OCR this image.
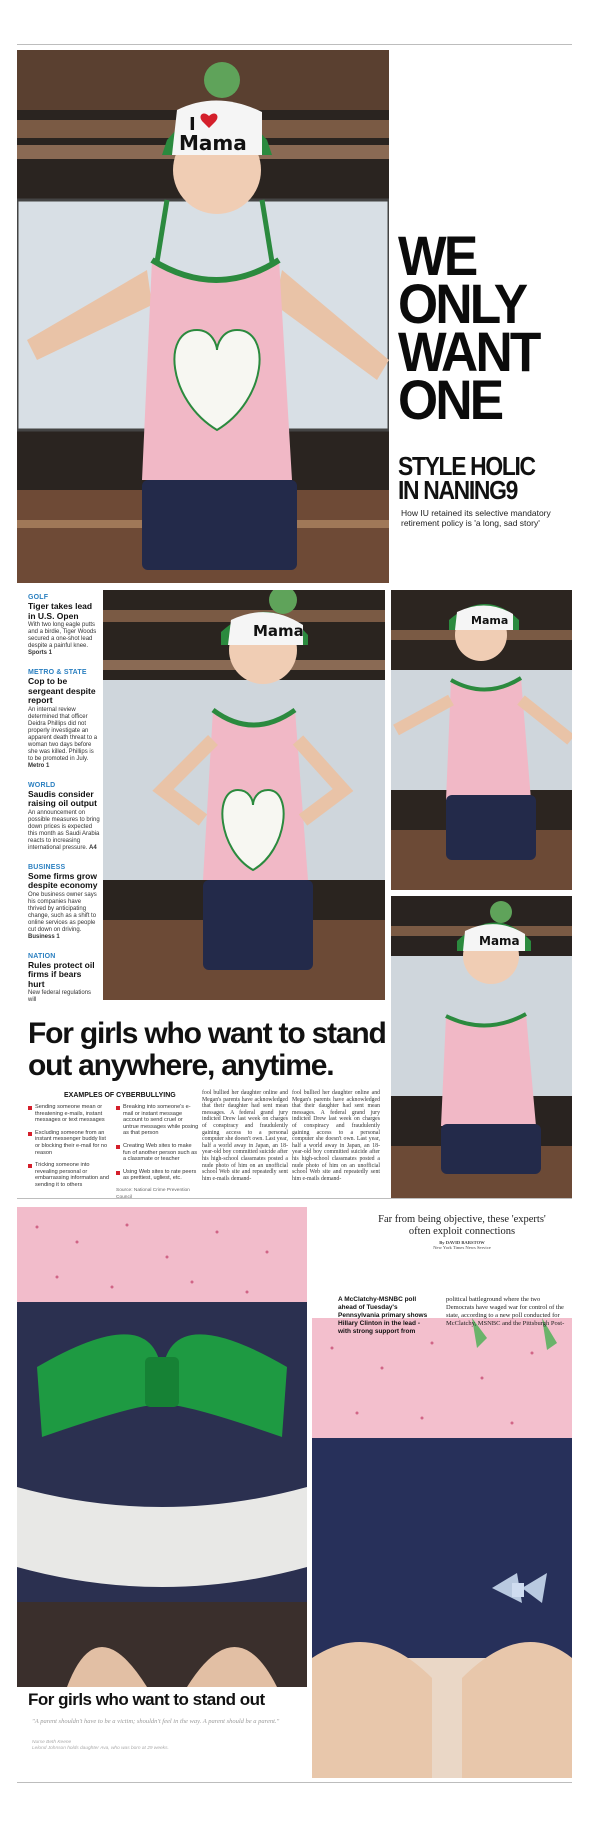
I
Mama
WE
ONLY
WANT
ONE
STYLE HOLIC
IN NANING9
How IU retained its selective mandatory retirement policy is 'a long, sad story'
GOLF
Tiger takes lead in U.S. Open
With two long eagle putts and a birdie, Tiger Woods secured a one-shot lead despite a painful knee. Sports 1
METRO & STATE
Cop to be sergeant despite report
An internal review determined that officer Deidra Phillips did not properly investigate an apparent death threat to a woman two days before she was killed. Phillips is to be promoted in July. Metro 1
WORLD
Saudis consider raising oil output
An announcement on possible measures to bring down prices is expected this month as Saudi Arabia reacts to increasing international pressure. A4
BUSINESS
Some firms grow despite economy
One business owner says his companies have thrived by anticipating change, such as a shift to online services as people cut down on driving. Business 1
NATION
Rules protect oil firms if bears hurt
New federal regulations will
Mama
Mama
Mama
For girls who want to stand out anywhere, anytime.
EXAMPLES OF CYBERBULLYING
Sending someone mean or threatening e-mails, instant messages or text messages
Excluding someone from an instant messenger buddy list or blocking their e-mail for no reason
Tricking someone into revealing personal or embarrassing information and sending it to others
Breaking into someone's e-mail or instant message account to send cruel or untrue messages while posing as that person
Creating Web sites to make fun of another person such as a classmate or teacher
Using Web sites to rate peers as prettiest, ugliest, etc.
Source: National Crime Prevention Council
fool bullied her daughter online and Megan's parents have acknowledged that their daughter had sent mean messages. A federal grand jury indicted Drew last week on charges of conspiracy and fraudulently gaining access to a personal computer she doesn't own. Last year, half a world away in Japan, an 18-year-old boy committed suicide after his high-school classmates posted a nude photo of him on an unofficial school Web site and repeatedly sent him e-mails demand-
fool bullied her daughter online and Megan's parents have acknowledged that their daughter had sent mean messages. A federal grand jury indicted Drew last week on charges of conspiracy and fraudulently gaining access to a personal computer she doesn't own. Last year, half a world away in Japan, an 18-year-old boy committed suicide after his high-school classmates posted a nude photo of him on an unofficial school Web site and repeatedly sent him e-mails demand-
Far from being objective, these 'experts' often exploit connections
By DAVID BARSTOW
New York Times News Service
A McClatchy-MSNBC poll ahead of Tuesday's Pennsylvania primary shows Hillary Clinton in the lead - with strong support from
political battleground where the two Democrats have waged war for control of the state, according to a new poll conducted for McClatchy, MSNBC and the Pittsburgh Post-
For girls who want to stand out
"A parent shouldn't have to be a victim; shouldn't feel in the way. A parent should be a parent."
Nurse Beth Keene
Lelond Johnson holds daughter Ava, who was born at 29 weeks.
